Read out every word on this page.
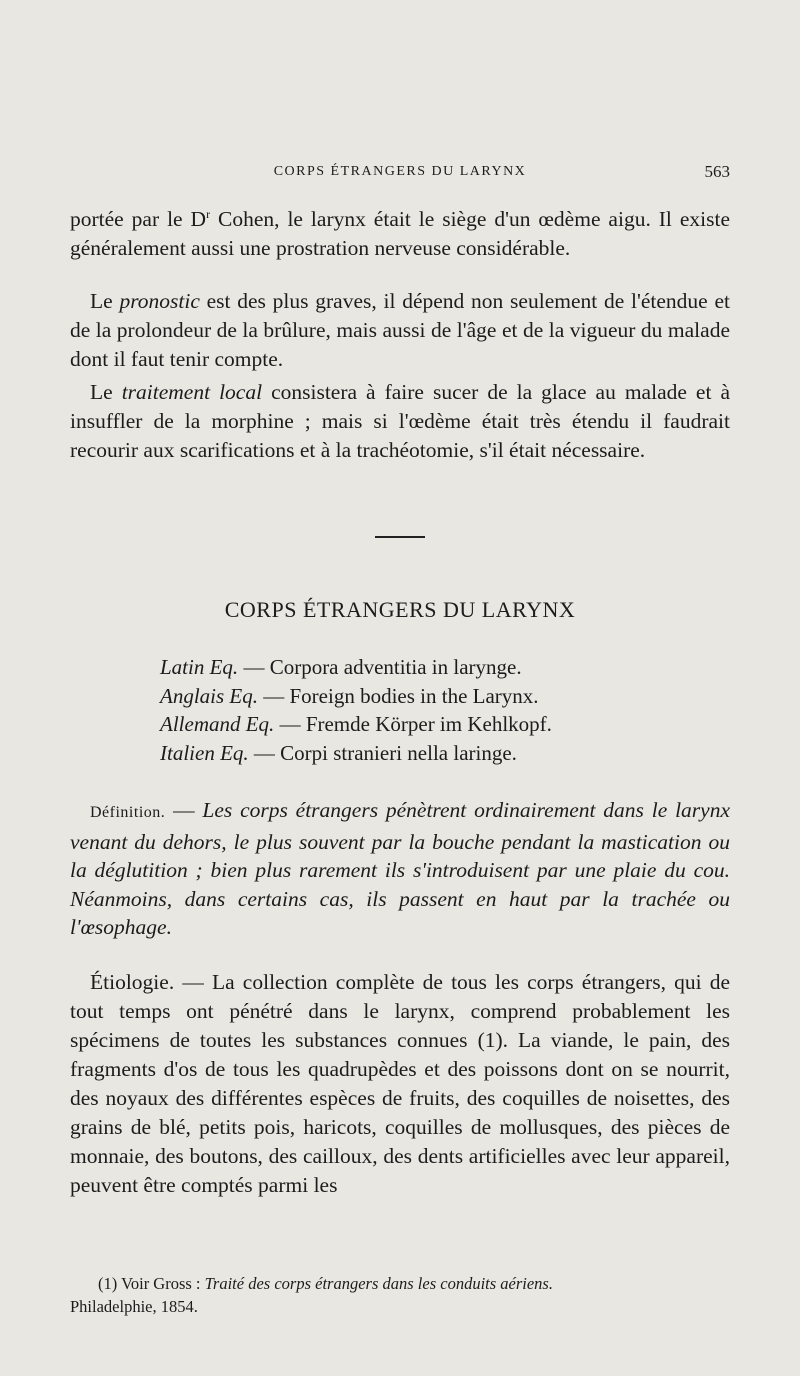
CORPS ÉTRANGERS DU LARYNX	563

portée par le $D^r$ Cohen, le larynx était le siège d'un œdème aigu. Il existe généralement aussi une prostration nerveuse considérable.

Le pronostic est des plus graves, il dépend non seulement de l'étendue et de la prolondeur de la brûlure, mais aussi de l'âge et de la vigueur du malade dont il faut tenir compte.

Le traitement local consistera à faire sucer de la glace au malade et à insuffler de la morphine ; mais si l'œdème était très étendu il faudrait recourir aux scarifications et à la trachéotomie, s'il était nécessaire.

CORPS ÉTRANGERS DU LARYNX
Latin Eq. — Corpora adventitia in larynge.
Anglais Eq. — Foreign bodies in the Larynx.
Allemand Eq. — Fremde Körper im Kehlkopf.
Italien Eq. — Corpi stranieri nella laringe.

Définition. — Les corps étrangers pénètrent ordinairement dans le larynx venant du dehors, le plus souvent par la bouche pendant la mastication ou la déglutition ; bien plus rarement ils s'introduisent par une plaie du cou. Néanmoins, dans certains cas, ils passent en haut par la trachée ou l'œsophage.

Étiologie. — La collection complète de tous les corps étrangers, qui de tout temps ont pénétré dans le larynx, comprend probablement les spécimens de toutes les substances connues (1). La viande, le pain, des fragments d'os de tous les quadrupèdes et des poissons dont on se nourrit, des noyaux des différentes espèces de fruits, des coquilles de noisettes, des grains de blé, petits pois, haricots, coquilles de mollusques, des pièces de monnaie, des boutons, des cailloux, des dents artificielles avec leur appareil, peuvent être comptés parmi les

(1) Voir Gross : Traité des corps étrangers dans les conduits aériens.
Philadelphie, 1854.
